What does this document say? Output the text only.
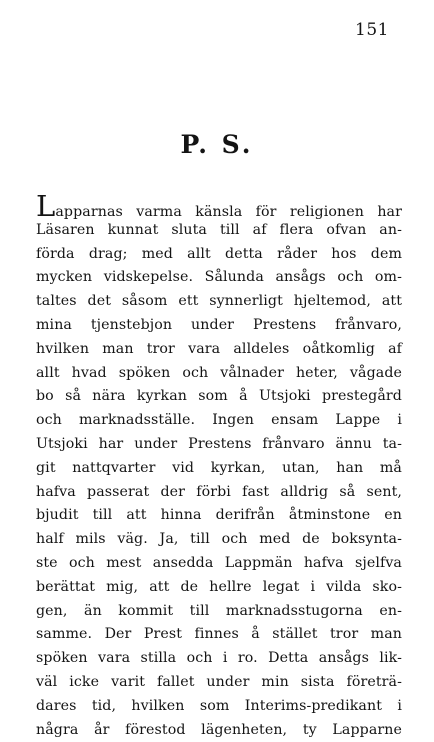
151
P. S.
Lapparnas varma känsla för religionen har
Läsaren kunnat sluta till af flera ofvan an-
förda drag; med allt detta råder hos dem
mycken vidskepelse. Sålunda ansågs och om-
taltes det såsom ett synnerligt hjeltemod, att
mina tjenstebjon under Prestens frånvaro,
hvilken man tror vara alldeles oåtkomlig af
allt hvad spöken och vålnader heter, vågade
bo så nära kyrkan som å Utsjoki prestegård
och marknadsställe. Ingen ensam Lappe i
Utsjoki har under Prestens frånvaro ännu ta-
git nattqvarter vid kyrkan, utan, han må
hafva passerat der förbi fast alldrig så sent,
bjudit till att hinna derifrån åtminstone en
half mils väg. Ja, till och med de boksynta-
ste och mest ansedda Lappmän hafva sjelfva
berättat mig, att de hellre legat i vilda sko-
gen, än kommit till marknadsstugorna en-
samme. Der Prest finnes å stället tror man
spöken vara stilla och i ro. Detta ansågs lik-
väl icke varit fallet under min sista företrä-
dares tid, hvilken som Interims-predikant i
några år förestod lägenheten, ty Lapparne
